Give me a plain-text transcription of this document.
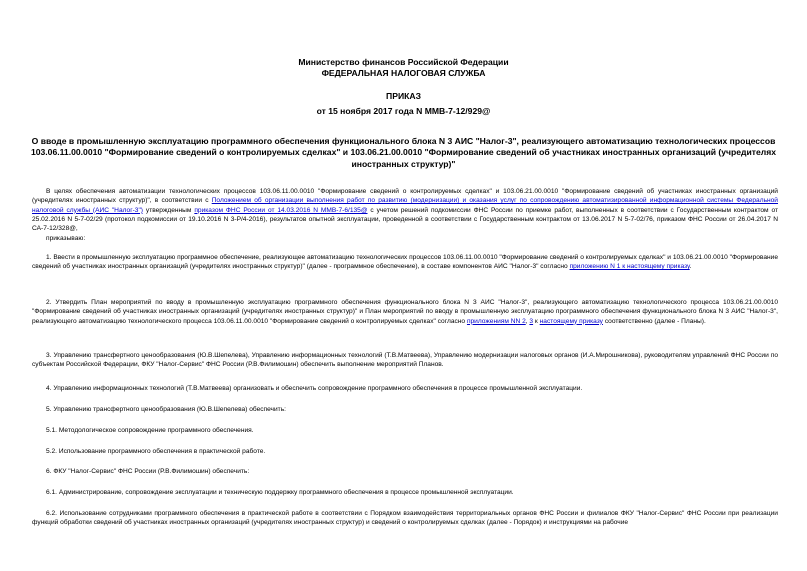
Министерство финансов Российской Федерации
ФЕДЕРАЛЬНАЯ НАЛОГОВАЯ СЛУЖБА
ПРИКАЗ
от 15 ноября 2017 года N ММВ-7-12/929@
О вводе в промышленную эксплуатацию программного обеспечения функционального блока N 3 АИС "Налог-3", реализующего автоматизацию технологических процессов 103.06.11.00.0010 "Формирование сведений о контролируемых сделках" и 103.06.21.00.0010 "Формирование сведений об участниках иностранных организаций (учредителях иностранных структур)"

В целях обеспечения автоматизации технологических процессов 103.06.11.00.0010 "Формирование сведений о контролируемых сделках" и 103.06.21.00.0010 "Формирование сведений об участниках иностранных организаций (учредителях иностранных структур)", в соответствии с Положением об организации выполнения работ по развитию (модернизации) и оказания услуг по сопровождению автоматизированной информационной системы Федеральной налоговой службы (АИС "Налог-3") утвержденным приказом ФНС России от 14.03.2016 N ММВ-7-6/135@ с учетом решений подкомиссии ФНС России по приемке работ, выполненных в соответствии с Государственным контрактом от 25.02.2016 N 5-7-02/29 (протокол подкомиссии от 19.10.2016 N 3-Р/4-2016), результатов опытной эксплуатации, проведенной в соответствии с Государственным контрактом от 13.06.2017 N 5-7-02/76, приказом ФНС России от 26.04.2017 N СА-7-12/328@,

приказываю:

1. Ввести в промышленную эксплуатацию программное обеспечение, реализующее автоматизацию технологических процессов 103.06.11.00.0010 "Формирование сведений о контролируемых сделках" и 103.06.21.00.0010 "Формирование сведений об участниках иностранных организаций (учредителях иностранных структур)" (далее - программное обеспечение), в составе компонентов АИС "Налог-3" согласно приложению N 1 к настоящему приказу.

2. Утвердить План мероприятий по вводу в промышленную эксплуатацию программного обеспечения функционального блока N 3 АИС "Налог-3", реализующего автоматизацию технологического процесса 103.06.21.00.0010 "Формирование сведений об участниках иностранных организаций (учредителях иностранных структур)" и План мероприятий по вводу в промышленную эксплуатацию программного обеспечения функционального блока N 3 АИС "Налог-3", реализующего автоматизацию технологического процесса 103.06.11.00.0010 "Формирование сведений о контролируемых сделках" согласно приложениям NN 2, 3 к настоящему приказу соответственно (далее - Планы).

3. Управлению трансфертного ценообразования (Ю.В.Шепелева), Управлению информационных технологий (Т.В.Матвеева), Управлению модернизации налоговых органов (И.А.Мирошникова), руководителям управлений ФНС России по субъектам Российской Федерации, ФКУ "Налог-Сервис" ФНС России (Р.В.Филимошин) обеспечить выполнение мероприятий Планов.

4. Управлению информационных технологий (Т.В.Матвеева) организовать и обеспечить сопровождение программного обеспечения в процессе промышленной эксплуатации.

5. Управлению трансфертного ценообразования (Ю.В.Шепелева) обеспечить:

5.1. Методологическое сопровождение программного обеспечения.

5.2. Использование программного обеспечения в практической работе.

6. ФКУ "Налог-Сервис" ФНС России (Р.В.Филимошин) обеспечить:

6.1. Администрирование, сопровождение эксплуатации и техническую поддержку программного обеспечения в процессе промышленной эксплуатации.

6.2. Использование сотрудниками программного обеспечения в практической работе в соответствии с Порядком взаимодействия территориальных органов ФНС России и филиалов ФКУ "Налог-Сервис" ФНС России при реализации функций обработки сведений об участниках иностранных организаций (учредителях иностранных структур) и сведений о контролируемых сделках (далее - Порядок) и инструкциями на рабочие
